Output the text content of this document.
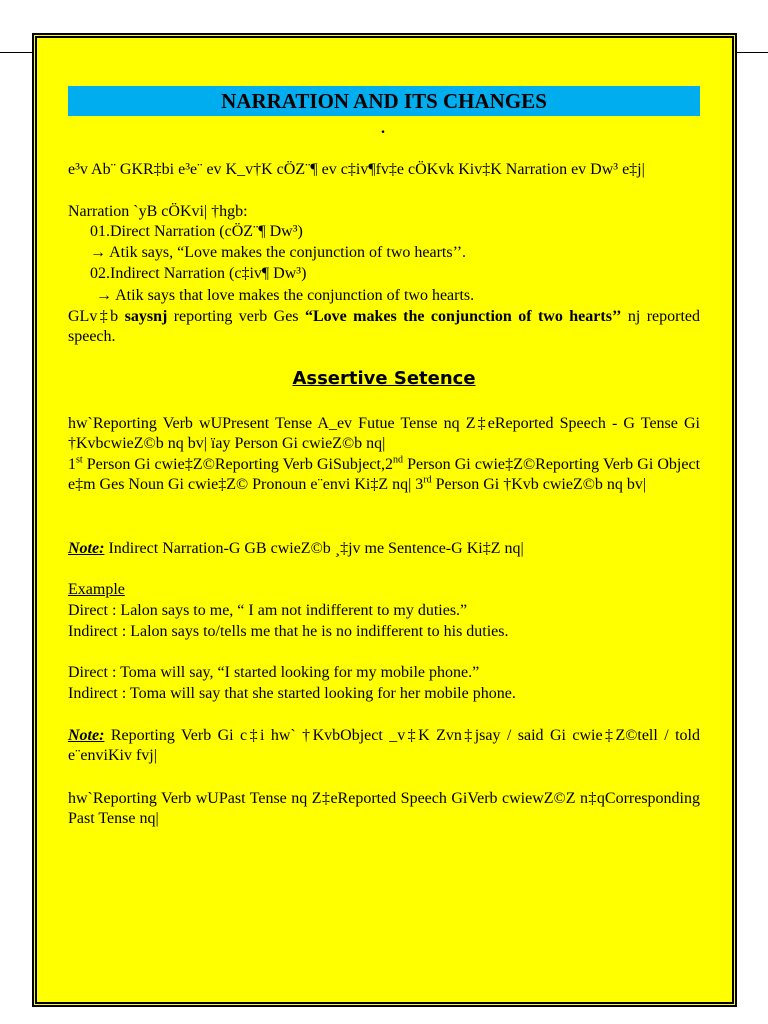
NARRATION AND ITS CHANGES
.
e³v Ab¨ GKR‡bi e³e¨ ev K_v†K cÖZ¨¶ ev c‡iv¶fv‡e cÖKvk Kiv‡K Narration ev Dw³ e‡j|
Narration `yB cÖKvi| †hgb:
01.Direct Narration (cÖZ¨¶ Dw³)
→ Atik says, “Love makes the conjunction of two hearts’’.
02.Indirect Narration (c‡iv¶ Dw³)
→ Atik says that love makes the conjunction of two hearts.
GLv‡b saysnj reporting verb Ges “Love makes the conjunction of two hearts’’ nj reported speech.
Assertive Setence
hw`Reporting Verb wUPresent Tense A_ev Futue Tense nq Z‡eReported Speech - G Tense Gi †KvbcwieZ©b nq bv| ïay Person Gi cwieZ©b nq|
1st Person Gi cwie‡Z©Reporting Verb GiSubject,2nd Person Gi cwie‡Z©Reporting Verb Gi Object e‡m Ges Noun Gi cwie‡Z© Pronoun e¨envi Ki‡Z nq| 3rd Person Gi †Kvb cwieZ©b nq bv|
Note: Indirect Narration-G GB cwieZ©b ¸‡jv me Sentence-G Ki‡Z nq|
Example
Direct : Lalon says to me, “ I am not indifferent to my duties.”
Indirect : Lalon says to/tells me that he is no indifferent to his duties.
Direct : Toma will say, “I started looking for my mobile phone.”
Indirect : Toma will say that she started looking for her mobile phone.
Note: Reporting Verb Gi c‡i hw` †KvbObject _v‡K Zvn‡jsay / said Gi cwie‡Z©tell / told e¨enviKiv fvj|
hw`Reporting Verb wUPast Tense nq Z‡eReported Speech GiVerb cwiewZ©Z n‡qCorresponding Past Tense nq|
